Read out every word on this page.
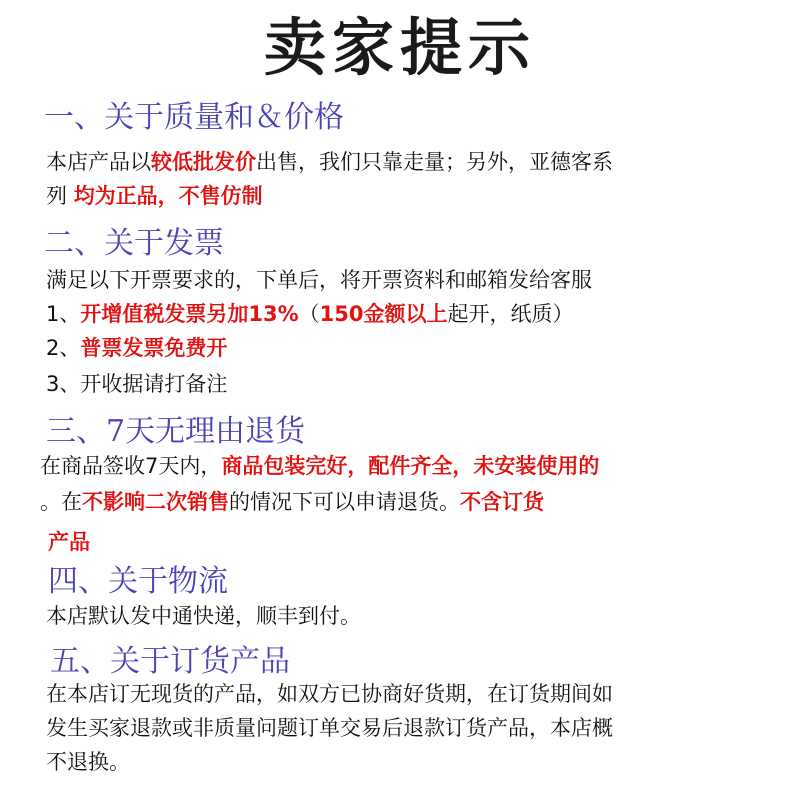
卖家提示
一、关于质量和＆价格
本店产品以较低批发价出售，我们只靠走量；另外，亚德客系
列 均为正品，不售仿制
二、关于发票
满足以下开票要求的，下单后，将开票资料和邮箱发给客服
1、开增值税发票另加13%（150金额以上起开，纸质）
2、普票发票免费开
3、开收据请打备注
三、7天无理由退货
在商品签收7天内，商品包装完好，配件齐全，未安装使用的
。在不影响二次销售的情况下可以申请退货。不含订货
产品
四、关于物流
本店默认发中通快递，顺丰到付。
五、关于订货产品
在本店订无现货的产品，如双方已协商好货期，在订货期间如
发生买家退款或非质量问题订单交易后退款订货产品，本店概
不退换。
